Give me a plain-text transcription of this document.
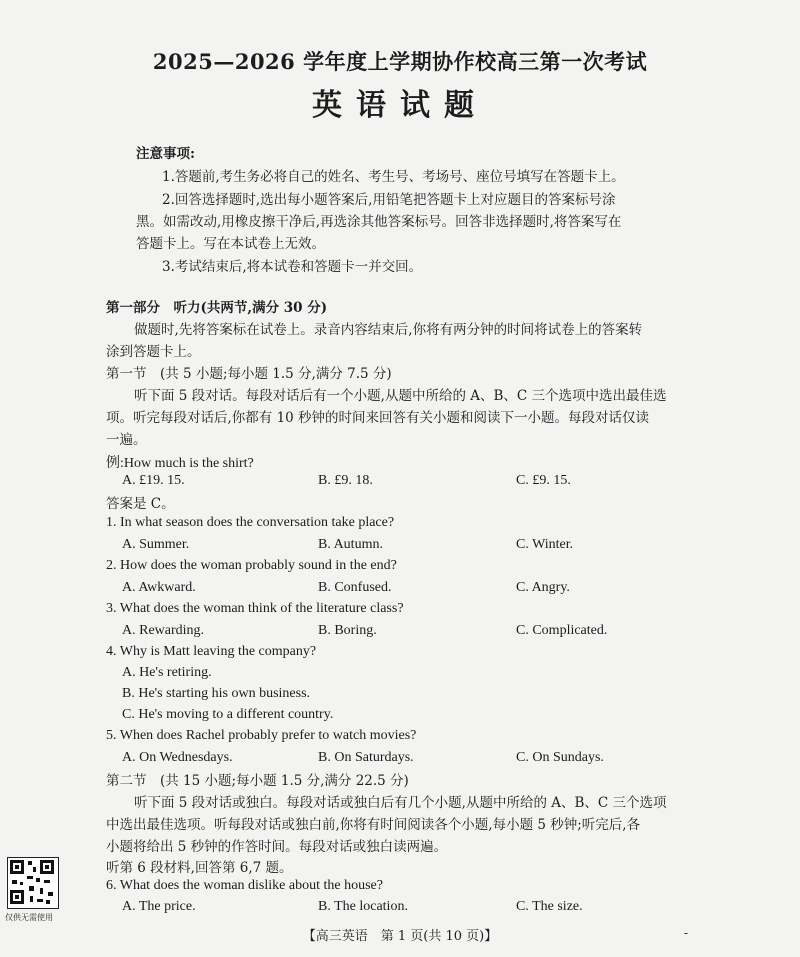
2025—2026 学年度上学期协作校高三第一次考试
英语试题
注意事项:
1.答题前,考生务必将自己的姓名、考生号、考场号、座位号填写在答题卡上。
2.回答选择题时,选出每小题答案后,用铅笔把答题卡上对应题目的答案标号涂
黑。如需改动,用橡皮擦干净后,再选涂其他答案标号。回答非选择题时,将答案写在
答题卡上。写在本试卷上无效。
3.考试结束后,将本试卷和答题卡一并交回。
第一部分　听力(共两节,满分 30 分)
做题时,先将答案标在试卷上。录音内容结束后,你将有两分钟的时间将试卷上的答案转
涂到答题卡上。
第一节　(共 5 小题;每小题 1.5 分,满分 7.5 分)
听下面 5 段对话。每段对话后有一个小题,从题中所给的 A、B、C 三个选项中选出最佳选
项。听完每段对话后,你都有 10 秒钟的时间来回答有关小题和阅读下一小题。每段对话仅读
一遍。
例:How much is the shirt?
A. £19. 15.	B. £9. 18.	C. £9. 15.
答案是 C。
1. In what season does the conversation take place?
A. Summer.	B. Autumn.	C. Winter.
2. How does the woman probably sound in the end?
A. Awkward.	B. Confused.	C. Angry.
3. What does the woman think of the literature class?
A. Rewarding.	B. Boring.	C. Complicated.
4. Why is Matt leaving the company?
A. He's retiring.
B. He's starting his own business.
C. He's moving to a different country.
5. When does Rachel probably prefer to watch movies?
A. On Wednesdays.	B. On Saturdays.	C. On Sundays.
第二节　(共 15 小题;每小题 1.5 分,满分 22.5 分)
听下面 5 段对话或独白。每段对话或独白后有几个小题,从题中所给的 A、B、C 三个选项
中选出最佳选项。听每段对话或独白前,你将有时间阅读各个小题,每小题 5 秒钟;听完后,各
小题将给出 5 秒钟的作答时间。每段对话或独白读两遍。
听第 6 段材料,回答第 6,7 题。
6. What does the woman dislike about the house?
A. The price.	B. The location.	C. The size.
仅供无需使用
【高三英语　第 1 页(共 10 页)】	-
